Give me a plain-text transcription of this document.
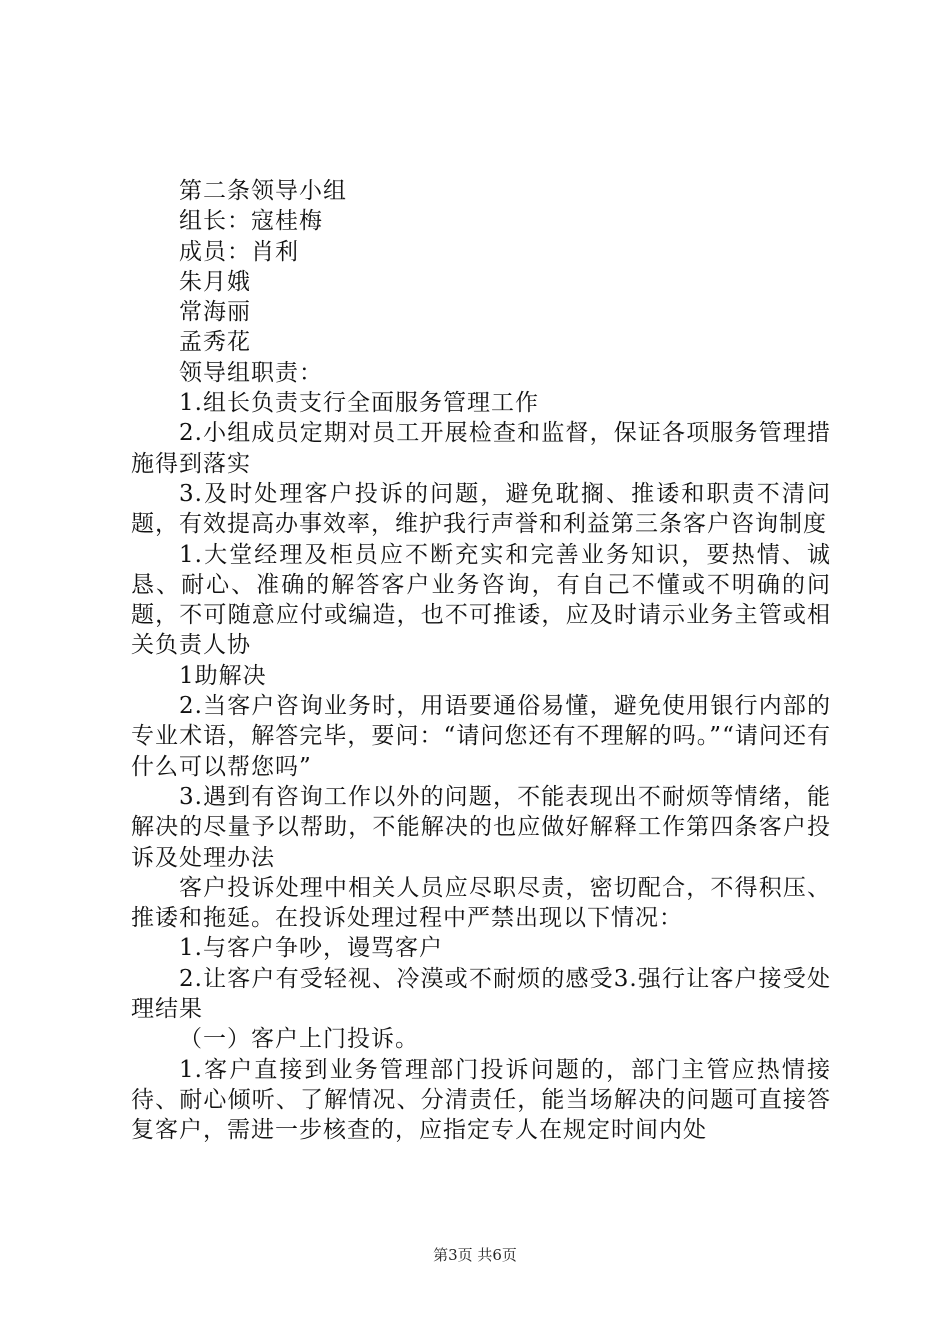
第二条领导小组

组长：寇桂梅

成员：肖利

朱月娥

常海丽

孟秀花

领导组职责：

1.组长负责支行全面服务管理工作

2.小组成员定期对员工开展检查和监督，保证各项服务管理措施得到落实

3.及时处理客户投诉的问题，避免耽搁、推诿和职责不清问题，有效提高办事效率，维护我行声誉和利益第三条客户咨询制度

1.大堂经理及柜员应不断充实和完善业务知识，要热情、诚恳、耐心、准确的解答客户业务咨询，有自己不懂或不明确的问题，不可随意应付或编造，也不可推诿，应及时请示业务主管或相关负责人协

1助解决

2.当客户咨询业务时，用语要通俗易懂，避免使用银行内部的专业术语，解答完毕，要问：“请问您还有不理解的吗。”“请问还有什么可以帮您吗”

3.遇到有咨询工作以外的问题，不能表现出不耐烦等情绪，能解决的尽量予以帮助，不能解决的也应做好解释工作第四条客户投诉及处理办法

客户投诉处理中相关人员应尽职尽责，密切配合，不得积压、推诿和拖延。在投诉处理过程中严禁出现以下情况：

1.与客户争吵，谩骂客户

2.让客户有受轻视、冷漠或不耐烦的感受3.强行让客户接受处理结果

（一）客户上门投诉。

1.客户直接到业务管理部门投诉问题的，部门主管应热情接待、耐心倾听、了解情况、分清责任，能当场解决的问题可直接答复客户，需进一步核查的，应指定专人在规定时间内处

第3页 共6页
